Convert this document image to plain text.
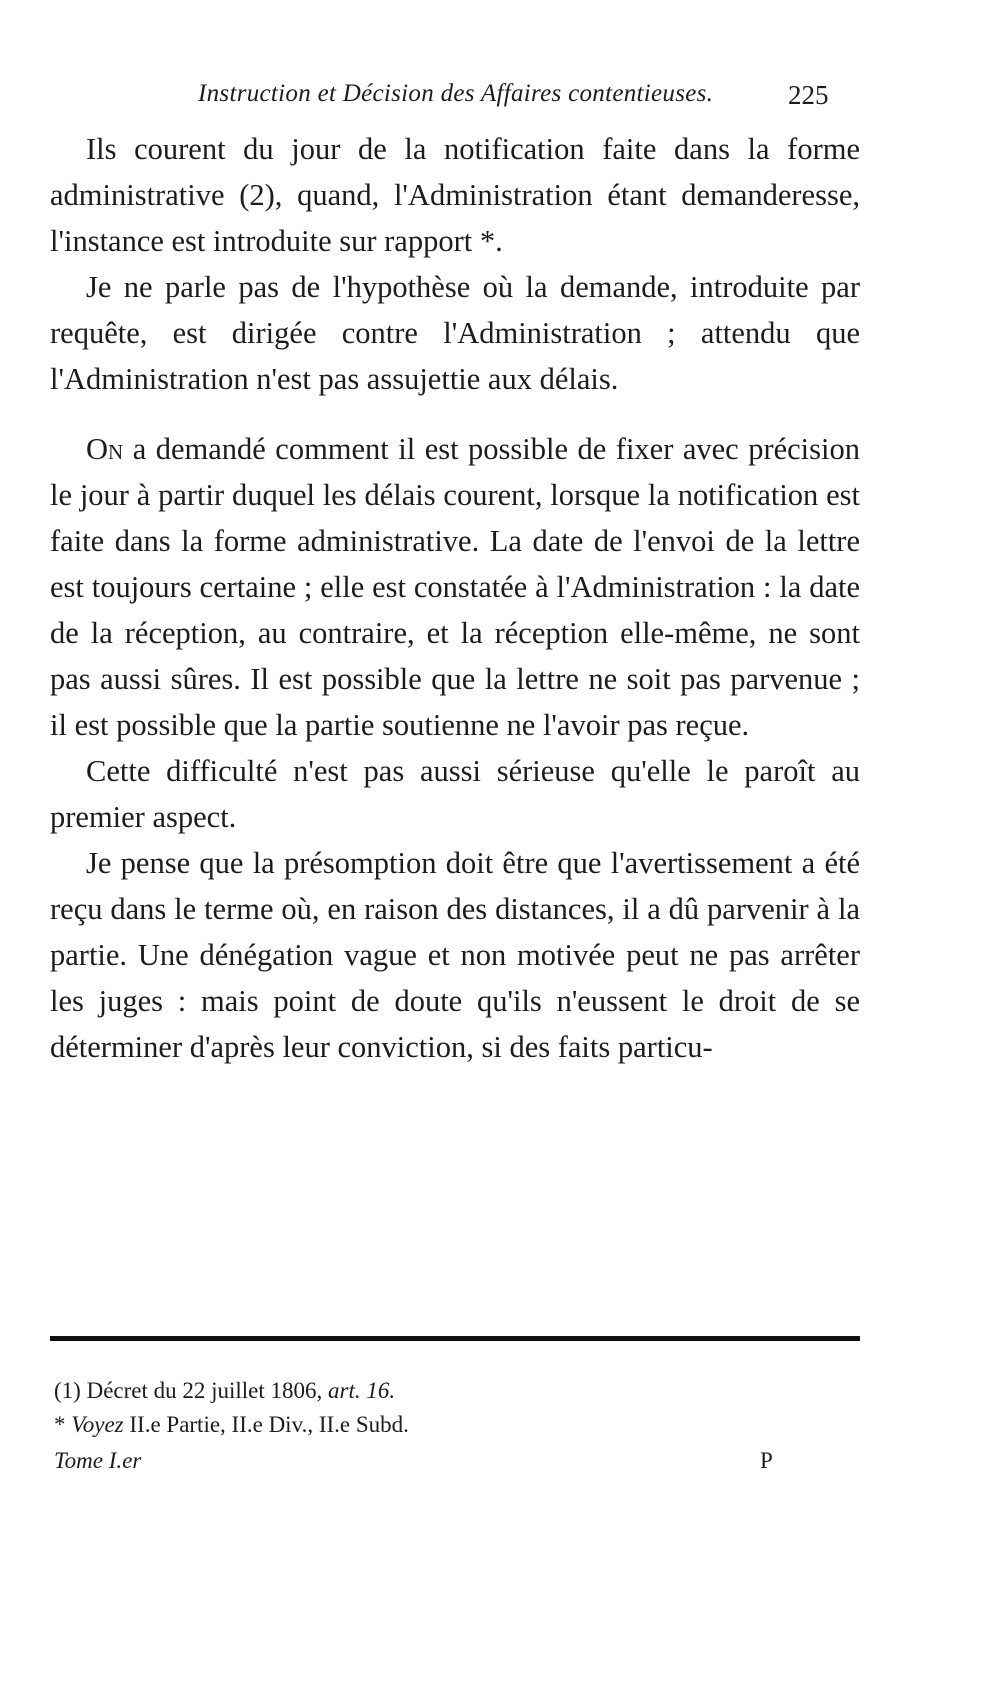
Instruction et Décision des Affaires contentieuses.	225

Ils courent du jour de la notification faite dans la forme administrative (2), quand, l'Administration étant demanderesse, l'instance est introduite sur rapport *.

Je ne parle pas de l'hypothèse où la demande, introduite par requête, est dirigée contre l'Administration ; attendu que l'Administration n'est pas assujettie aux délais.

On a demandé comment il est possible de fixer avec précision le jour à partir duquel les délais courent, lorsque la notification est faite dans la forme administrative. La date de l'envoi de la lettre est toujours certaine ; elle est constatée à l'Administration : la date de la réception, au contraire, et la réception elle-même, ne sont pas aussi sûres. Il est possible que la lettre ne soit pas parvenue ; il est possible que la partie soutienne ne l'avoir pas reçue.

Cette difficulté n'est pas aussi sérieuse qu'elle le paroît au premier aspect.

Je pense que la présomption doit être que l'avertissement a été reçu dans le terme où, en raison des distances, il a dû parvenir à la partie. Une dénégation vague et non motivée peut ne pas arrêter les juges : mais point de doute qu'ils n'eussent le droit de se déterminer d'après leur conviction, si des faits particu-

(1) Décret du 22 juillet 1806, art. 16.
* Voyez II.e Partie, II.e Div., II.e Subd.
Tome I.er	P
